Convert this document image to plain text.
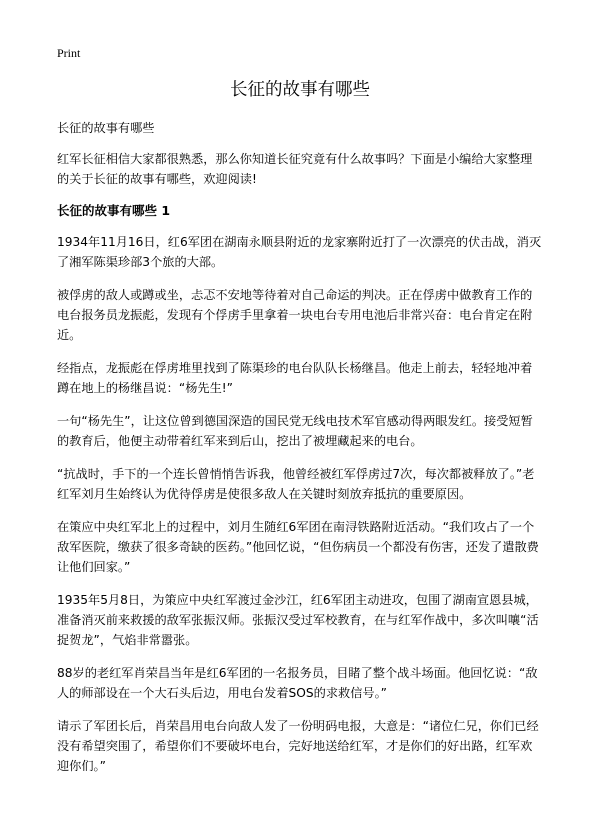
Print
长征的故事有哪些

长征的故事有哪些

红军长征相信大家都很熟悉，那么你知道长征究竟有什么故事吗？下面是小编给大家整理的关于长征的故事有哪些，欢迎阅读!

长征的故事有哪些 1

1934年11月16日，红6军团在湖南永顺县附近的龙家寨附近打了一次漂亮的伏击战，消灭了湘军陈渠珍部3个旅的大部。

被俘虏的敌人或蹲或坐，忐忑不安地等待着对自己命运的判决。正在俘虏中做教育工作的电台报务员龙振彪，发现有个俘虏手里拿着一块电台专用电池后非常兴奋：电台肯定在附近。

经指点，龙振彪在俘虏堆里找到了陈渠珍的电台队队长杨继昌。他走上前去，轻轻地冲着蹲在地上的杨继昌说：“杨先生!”

一句“杨先生”，让这位曾到德国深造的国民党无线电技术军官感动得两眼发红。接受短暂的教育后，他便主动带着红军来到后山，挖出了被埋藏起来的电台。

“抗战时，手下的一个连长曾悄悄告诉我，他曾经被红军俘虏过7次，每次都被释放了。”老红军刘月生始终认为优待俘虏是使很多敌人在关键时刻放弃抵抗的重要原因。

在策应中央红军北上的过程中，刘月生随红6军团在南浔铁路附近活动。“我们攻占了一个敌军医院，缴获了很多奇缺的医药。”他回忆说，“但伤病员一个都没有伤害，还发了遣散费让他们回家。”

1935年5月8日，为策应中央红军渡过金沙江，红6军团主动进攻，包围了湖南宣恩县城，准备消灭前来救援的敌军张振汉师。张振汉受过军校教育，在与红军作战中，多次叫嚷“活捉贺龙”，气焰非常嚣张。

88岁的老红军肖荣昌当年是红6军团的一名报务员，目睹了整个战斗场面。他回忆说：“敌人的师部设在一个大石头后边，用电台发着SOS的求救信号。”

请示了军团长后，肖荣昌用电台向敌人发了一份明码电报，大意是：“诸位仁兄，你们已经没有希望突围了，希望你们不要破坏电台，完好地送给红军，才是你们的好出路，红军欢迎你们。”
